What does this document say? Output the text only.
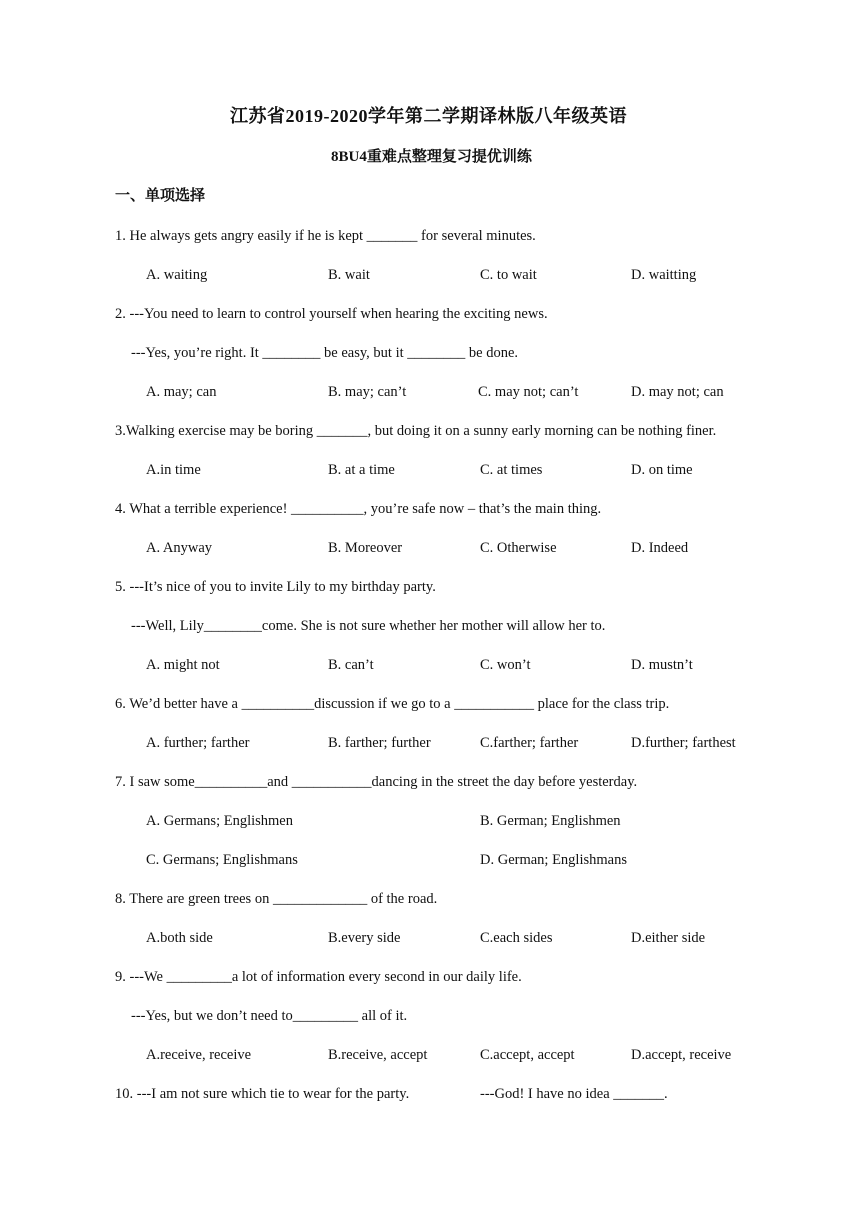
江苏省2019-2020学年第二学期译林版八年级英语
8BU4重难点整理复习提优训练
一、单项选择
1. He always gets angry easily if he is kept _______ for several minutes.
A. waiting	B. wait	C. to wait	D. waitting
2. ---You need to learn to control yourself when hearing the exciting news.
---Yes, you’re right. It ________ be easy, but it ________ be done.
A. may; can	B. may; can’t	C. may not; can’t	D. may not; can
3.Walking exercise may be boring _______, but doing it on a sunny early morning can be nothing finer.
A.in time	B. at a time	C. at times	D. on time
4. What a terrible experience! __________, you’re safe now – that’s the main thing.
A. Anyway	B. Moreover	C. Otherwise	D. Indeed
5. ---It’s nice of you to invite Lily to my birthday party.
---Well, Lily________come. She is not sure whether her mother will allow her to.
A. might not	B. can’t	C. won’t	D. mustn’t
6. We’d better have a __________discussion if we go to a ___________ place for the class trip.
A. further; farther	B. farther; further	C.farther; farther	D.further; farthest
7. I saw some__________and ___________dancing in the street the day before yesterday.
A. Germans; Englishmen	B. German; Englishmen
C. Germans; Englishmans	D. German; Englishmans
8. There are green trees on _____________ of the road.
A.both side	B.every side	C.each sides	D.either side
9. ---We _________a lot of information every second in our daily life.
---Yes, but we don’t need to_________ all of it.
A.receive, receive	B.receive, accept	C.accept, accept	D.accept, receive
10. ---I am not sure which tie to wear for the party.	---God! I have no idea _______.
